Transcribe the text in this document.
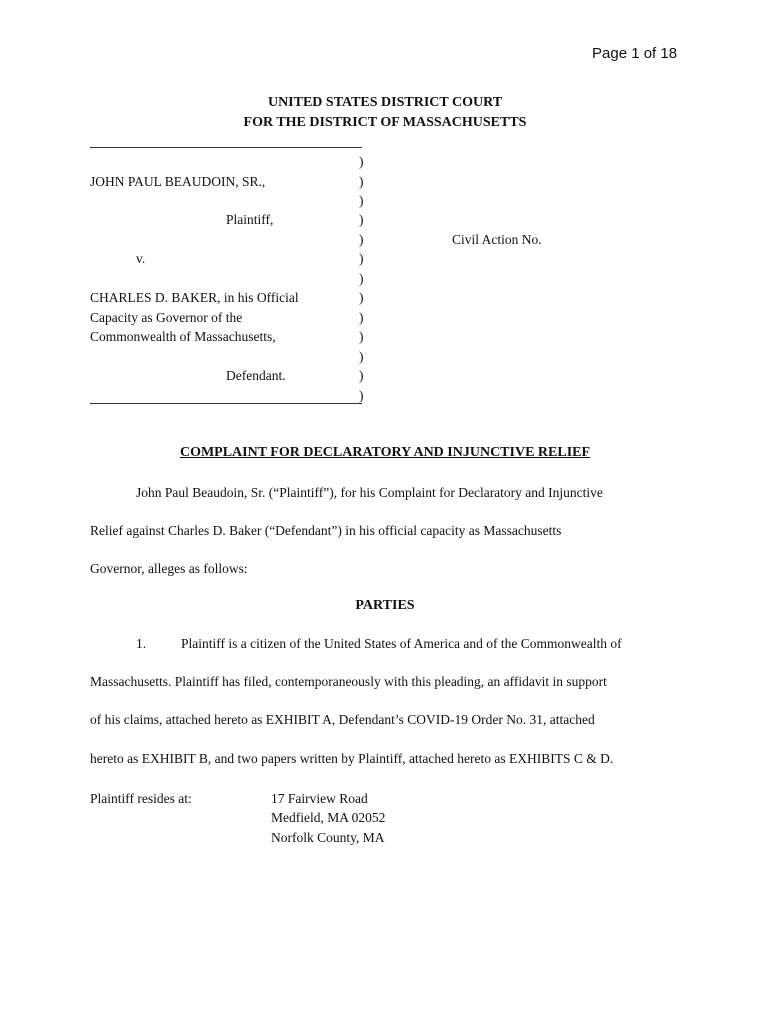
Page 1 of 18
UNITED STATES DISTRICT COURT
FOR THE DISTRICT OF MASSACHUSETTS
JOHN PAUL BEAUDOIN, SR.,
Plaintiff,
v.
CHARLES D. BAKER, in his Official
Capacity as Governor of the
Commonwealth of Massachusetts,
Defendant.
)
)
)
)
)
)
)
)
)
)
)
)
)
Civil Action No.
COMPLAINT FOR DECLARATORY AND INJUNCTIVE RELIEF
John Paul Beaudoin, Sr. (“Plaintiff”), for his Complaint for Declaratory and Injunctive
Relief against Charles D. Baker (“Defendant”) in his official capacity as Massachusetts
Governor, alleges as follows:
PARTIES
1.	Plaintiff is a citizen of the United States of America and of the Commonwealth of
Massachusetts. Plaintiff has filed, contemporaneously with this pleading, an affidavit in support
of his claims, attached hereto as EXHIBIT A, Defendant’s COVID-19 Order No. 31, attached
hereto as EXHIBIT B, and two papers written by Plaintiff, attached hereto as EXHIBITS C & D.
Plaintiff resides at:	17 Fairview Road
Medfield, MA 02052
Norfolk County, MA
